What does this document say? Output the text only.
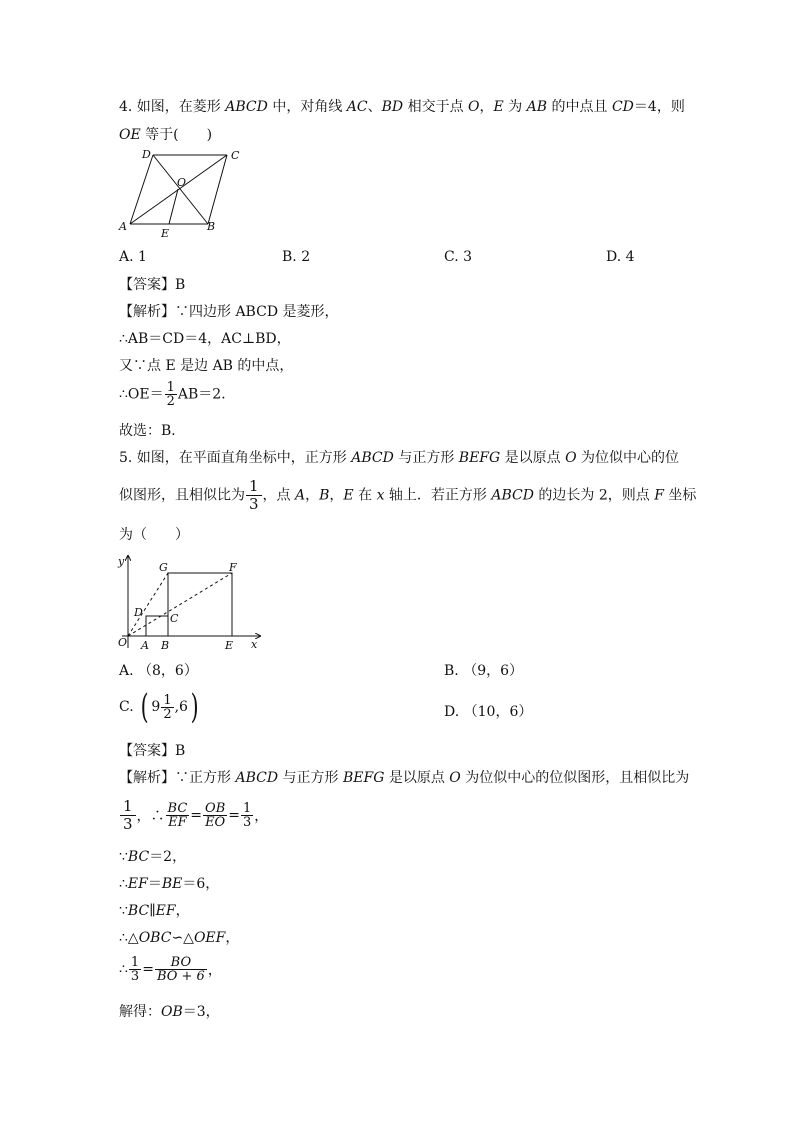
4. 如图，在菱形 ABCD 中，对角线 AC、BD 相交于点 O，E 为 AB 的中点且 CD＝4，则
OE 等于(　　)
D	C
O
A
E
B
A. 1	B. 2	C. 3	D. 4
【答案】B
【解析】∵四边形 ABCD 是菱形，
∴AB＝CD＝4，AC⊥BD，
又∵点 E 是边 AB 的中点，
∴OE＝ $\frac{1}{2} AB=2$．
故选：B．
5. 如图，在平面直角坐标中，正方形 ABCD 与正方形 BEFG 是以原点 O 为位似中心的位
似图形，且相似比为 $\frac{1}{3}$ ，点 A，B，E 在 x 轴上．若正方形 ABCD 的边长为 2，则点 F 坐标
为（　　）
y	G	F
D C
O A B	E x
A. （8，6）	B. （9，6）
C. ( $9 \frac{1}{2} ,6$)	D. （10，6）
【答案】B
【解析】∵正方形 ABCD 与正方形 BEFG 是以原点 O 为位似中心的位似图形，且相似比为
$\frac{1}{3}$ ，∴ $\frac{BC}{EF} = \frac{OB}{EO} = \frac{1}{3}$ ，
∵BC＝2，
∴EF＝BE＝6，
∵BC∥EF，
∴△OBC∽△OEF，
∴ $\frac{1}{3} = \frac{BO}{BO + 6}$ ，
解得：OB＝3，
